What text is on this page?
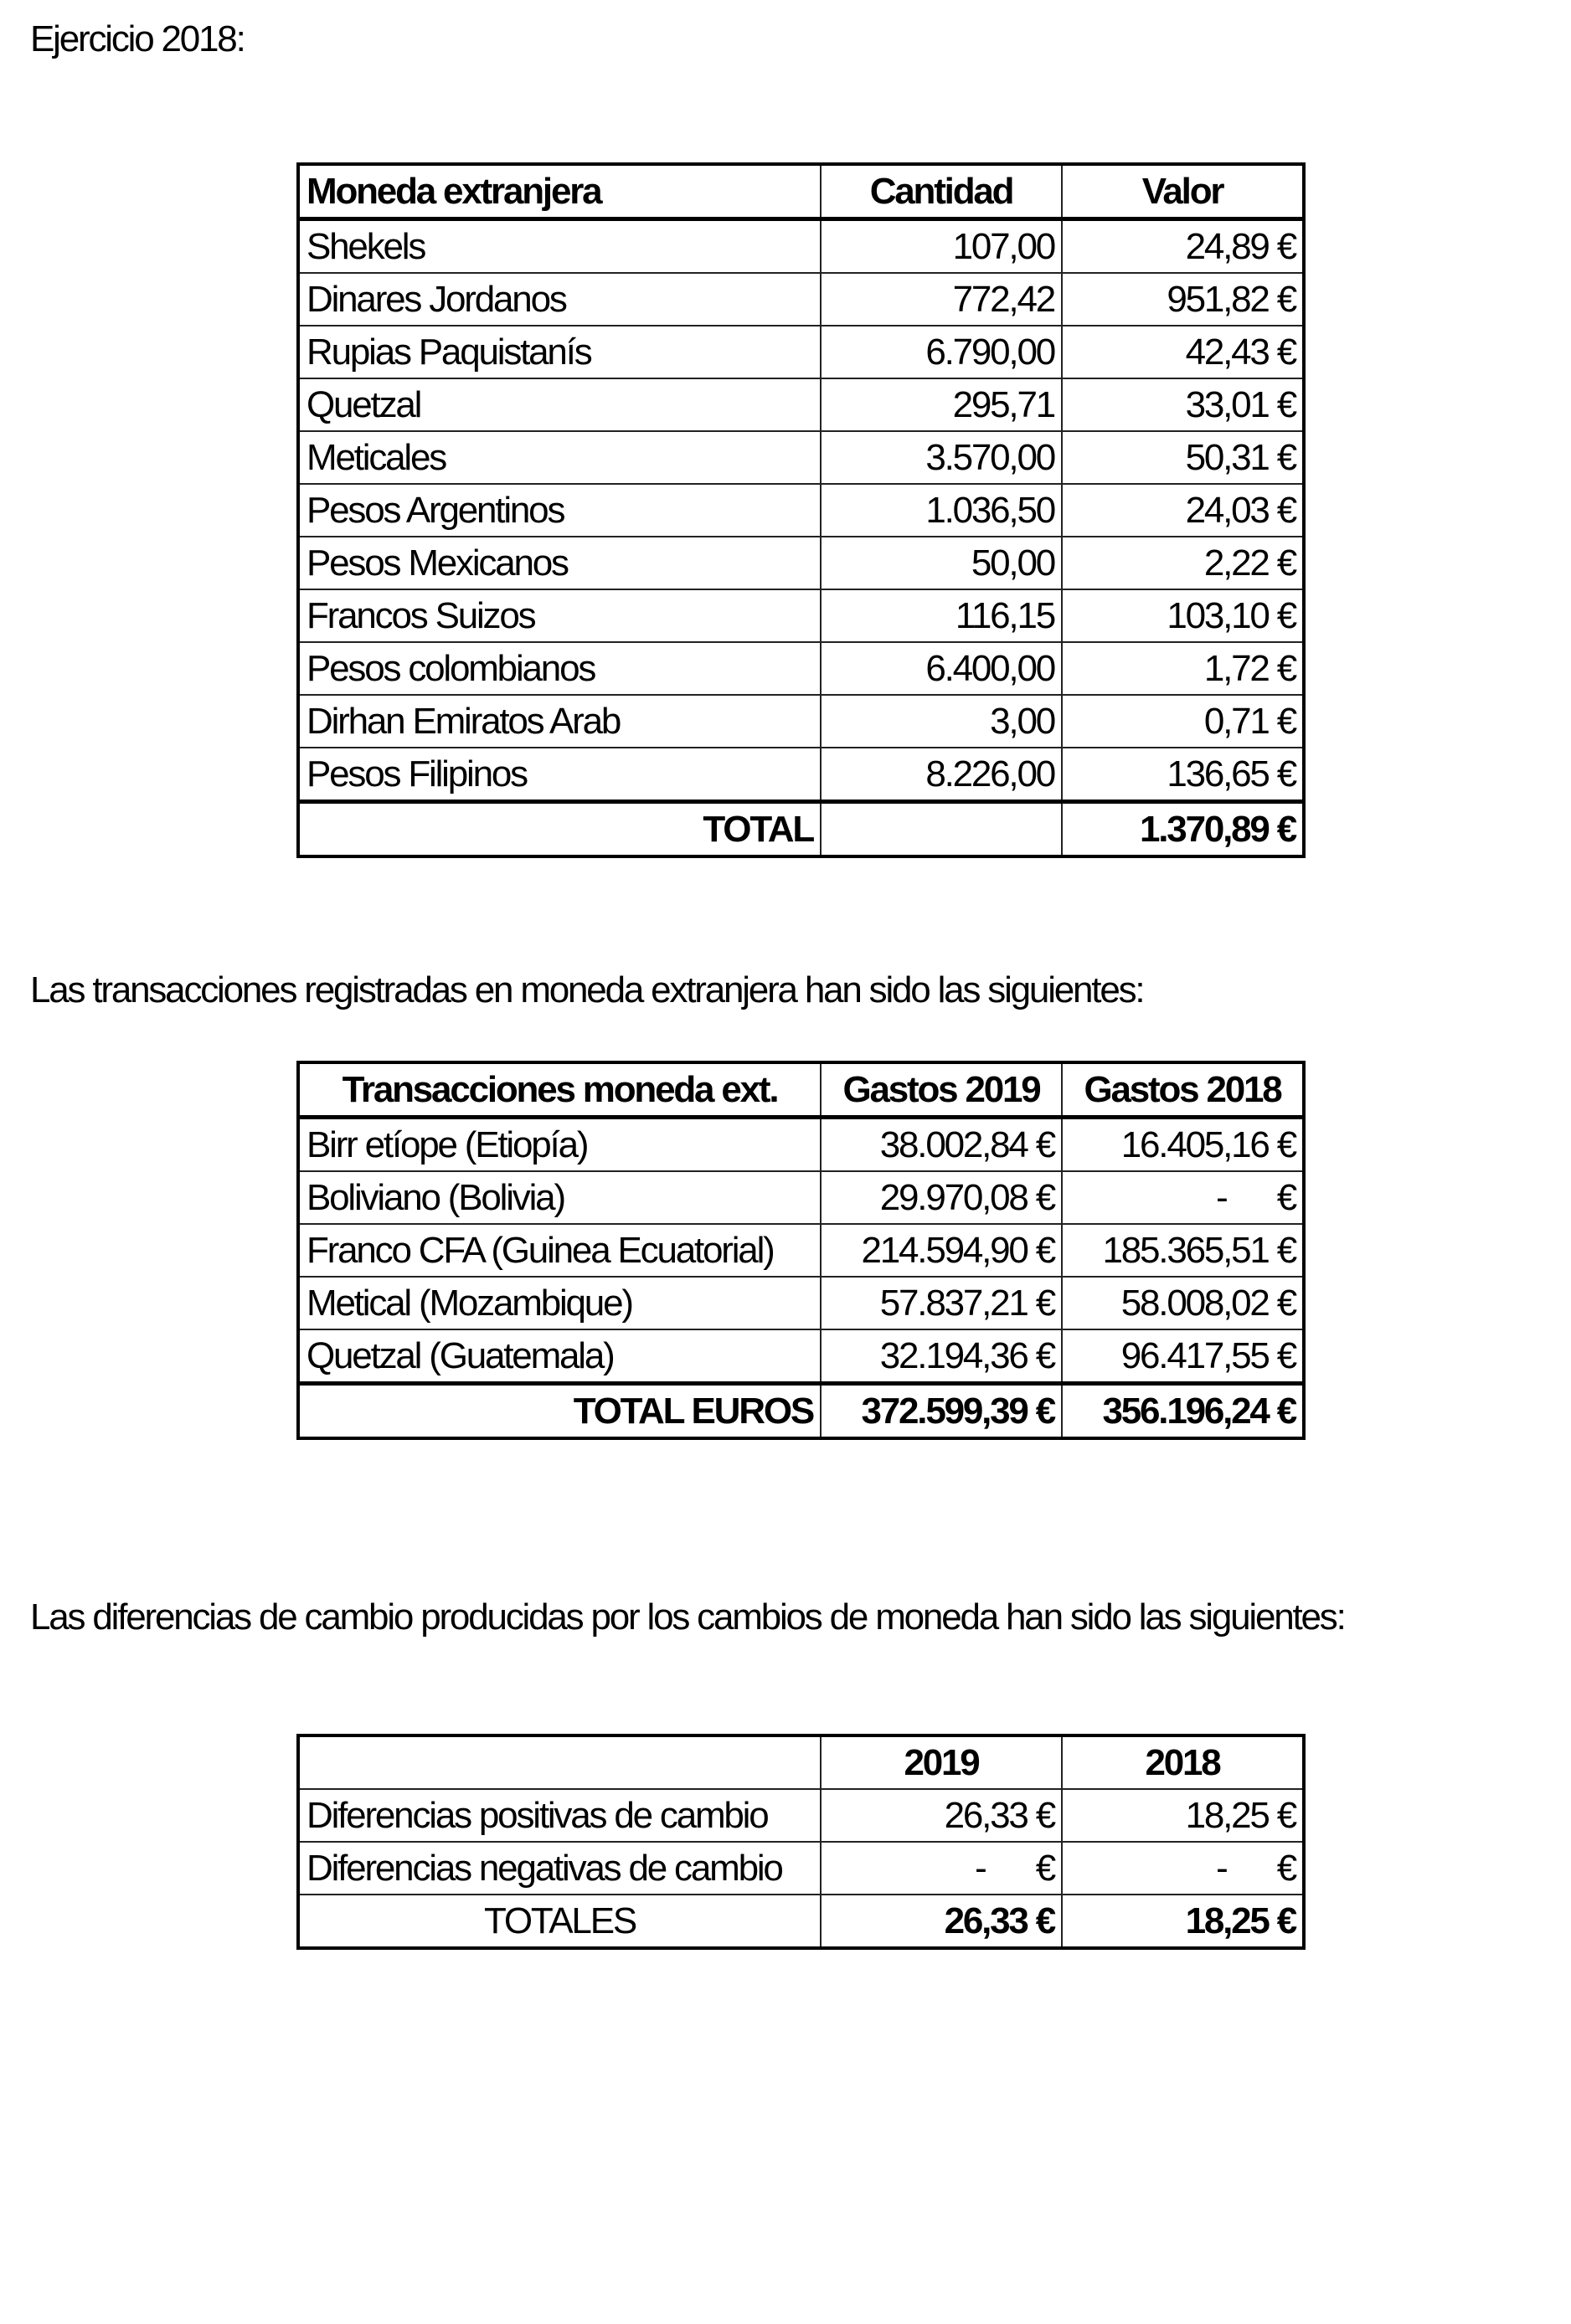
Ejercicio 2018:
Moneda extranjera	Cantidad	Valor
Shekels	107,00	24,89 €
Dinares Jordanos	772,42	951,82 €
Rupias Paquistanís	6.790,00	42,43 €
Quetzal	295,71	33,01 €
Meticales	3.570,00	50,31 €
Pesos Argentinos	1.036,50	24,03 €
Pesos Mexicanos	50,00	2,22 €
Francos Suizos	116,15	103,10 €
Pesos colombianos	6.400,00	1,72 €
Dirhan Emiratos Arab	3,00	0,71 €
Pesos Filipinos	8.226,00	136,65 €
TOTAL		1.370,89 €
Las transacciones registradas en moneda extranjera han sido las siguientes:
Transacciones moneda ext.	Gastos 2019	Gastos 2018
Birr etíope (Etiopía)	38.002,84 €	16.405,16 €
Boliviano (Bolivia)	29.970,08 €	-      €
Franco CFA (Guinea Ecuatorial)	214.594,90 €	185.365,51 €
Metical (Mozambique)	57.837,21 €	58.008,02 €
Quetzal (Guatemala)	32.194,36 €	96.417,55 €
TOTAL EUROS	372.599,39 €	356.196,24 €
Las diferencias de cambio producidas por los cambios de moneda han sido las siguientes:
	2019	2018
Diferencias positivas de cambio	26,33 €	18,25 €
Diferencias negativas de cambio	-      €	-      €
TOTALES	26,33 €	18,25 €
